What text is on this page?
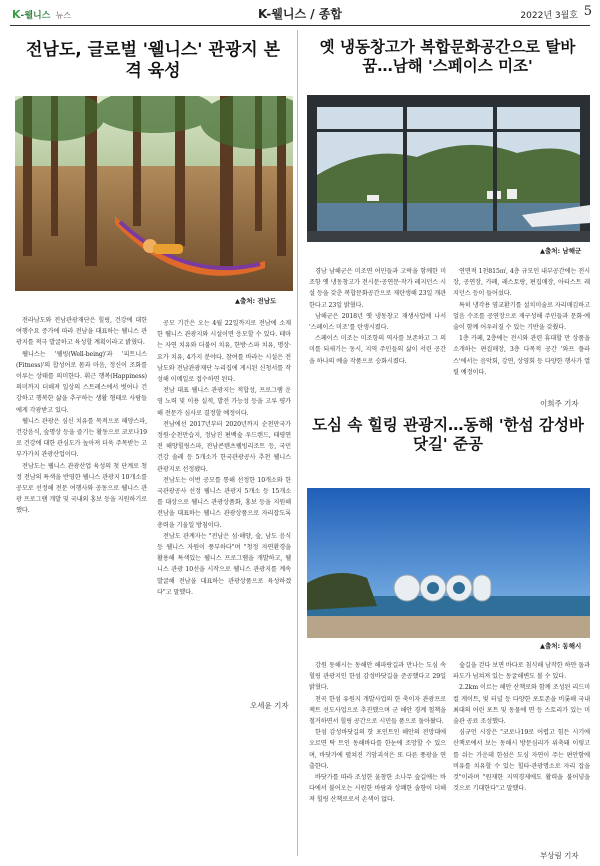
K-웰니스 뉴스	K-웰니스 / 종합	2022년 3월호 5
전남도, 글로벌 '웰니스' 관광지 본격 육성
▲출처: 전남도

전라남도와 전남관광재단은 힐링, 건강에 대한 여행수요 증가에 따라 전남을 대표하는 웰니스 관광지를 적극 발굴하고 육성할 계획이라고 밝혔다.

웰니스는 '웰빙(Well-being)'과 '피트니스(Fitness)'의 합성어로 몸과 마음, 정신이 조화를 이루는 상태를 의미한다. 휘근 행복(Happiness) 의미까지 더해져 일상의 스트레스에서 벗어나 건강하고 행복한 삶을 추구하는 생활 형태로 사람들에게 각광받고 있다.

웰니스 관광은 심신 치유를 목적으로 해양스파, 건강음식, 숲명상 등을 즐기는 활동으로 코로나19로 건강에 대한 관심도가 높아져 더욱 주목받는 고부가가치 관광산업이다.

전남도는 웰니스 관광산업 육성의 첫 단계로 청정 전남의 특색을 반영한 웰니스 관광지 10개소를 공모로 선정해 전문 여행사와 공동으로 웰니스 관광 프로그램 개발 및 국내외 홍보 등을 지원하기로 했다.

공모 기간은 오는 4월 22일까지로 전남에 소재한 웰니스 관광지와 시설이면 응모할 수 있다. 테마는 자연 치유와 더불어 치유, 한방·스파 치유, 명상·요가 치유, 4가지 분야다. 참여를 바라는 시설은 전남도와 전남관광재단 누리집에 게시된 신청서를 작성해 이메일로 접수하면 된다.

전남 대표 웰니스 관광지는 적합성, 프로그램 운영 노력 및 이용 실적, 발전 가능성 등을 고루 평가해 전문가 심사로 결정할 예정이다.

전남에선 2017년부터 2020년까지 순천만국가정원·순천만습지, 정남진 편백숲 우드랜드, 태평연전 해양힐링스파, 전남콘텐츠웰빙리조트 등, 국민건강 솔레 등 5개소가 한국관광공사 추천 웰니스 관광지로 선정됐다.

전남도는 이번 공모를 통해 선정한 10개소와 한국관광공사 선정 웰니스 관광지 5개소 등 15개소를 대상으로 웰니스 관광상품화, 홍보 등을 지원해 전남을 대표하는 웰니스 관광상품으로 자리잡도록 총력을 기울일 방침이다.

전남도 관계자는 "전남은 섬·해양, 숲, 남도 음식 등 웰니스 자원이 풍부하다"며 "청정 자연환경을 활용해 특색있는 웰니스 프로그램을 개발하고, 웰니스 관광 10선을 시작으로 웰니스 관광지를 계속 발굴해 전남을 대표하는 관광상품으로 육성하겠다"고 말했다.

오세윤 기자
옛 냉동창고가 복합문화공간으로 탈바꿈…남해 '스페이스 미조'
▲출처: 남해군

경남 남해군은 미조면 어민들과 고락을 함께한 미조항 옛 냉동창고가 전시문·공연문·작가 레지던스 시설 등을 갖춘 복합문화공간으로 재탄생해 23일 개관한다고 23일 밝혔다.

남해군은 2018년 옛 냉동창고 재생사업에 나서 '스페이스 미조'를 탄생시켰다.

스페이스 미조는 미조항의 역사를 보존하고 그 의미를 되새기는 동시, 지역 주민들의 삶이 서린 공간을 하나의 예술 작품으로 승화시켰다.

연면적 1천815㎡, 4층 규모인 내부공간에는 전시장, 공연장, 카페, 레스토랑, 편집매장, 아티스트 레지던스 등이 들어섰다.

특히 냉각용 염교환기를 설치미술로 자리매김하고 얼음 수조를 공연장으로 재구성해 주민들과 문화·예술이 함께 어우러질 수 있는 기반을 갖췄다.

1층 카페, 2층에는 전시와 관련 휴대할 만 상품을 소개하는 편집매장, 3층 다목적 공간 '와프 플라스'에서는 음악회, 강연, 상영회 등 다양한 행사가 열릴 예정이다.

이희주 기자
도심 속 힐링 관광지…동해 '한섬 감성바닷길' 준공
▲출처: 동해시

강원 동해시는 동해안 해파랑길과 만나는 도심 속 힐링 관광지인 한섬 감성바닷길을 준공했다고 29일 밝혔다.

천곡 한섬 유원지 개발사업의 한 축이자 관광프로젝트 선도사업으로 추진했으며 군 해안 경계 철책을 철거하면서 힐링 공간으로 시민들 품으로 돌아왔다.

한섬 감성바닷길의 핫 포인트인 해안의 전망대에 오르면 탁 트인 동해바다를 한눈에 조망할 수 있으며, 바닷가에 펼쳐진 기암괴석은 또 다른 풍광을 연출한다.

바닷가를 따라 조성한 울창한 소나무 숲길에는 바다에서 불어오는 시원한 바람과 상쾌한 솔향이 더해져 힐링 산책로로서 손색이 없다.

숲길을 걷다 보면 바다로 침식해 남작한 하얀 돌과 파도가 넘쳐져 있는 동굴해변도 볼 수 있다.

2.2km 이르는 해안 산책로와 함께 조성된 리드미컬 게이트, 빛 터널 등 다양한 포토존을 비롯해 국내 최대의 어린 포트 및 동물에 면 등 스토리가 있는 미술관 공료 조성했다.

심규언 시장은 "코로나19로 어렵고 힘든 시기에 산책로에서 보는 동해시 방문심리가 위축돼 이렇고를 쉬는 가운데 한섬은 도심 자연이 주는 편안함에 비유를 치유할 수 있는 힐타·관광명소로 자리 잡을 것"이라며 "원재한 지역경제에도 활력을 불어넣을 것으로 기대한다"고 말했다.

부상림 기자
